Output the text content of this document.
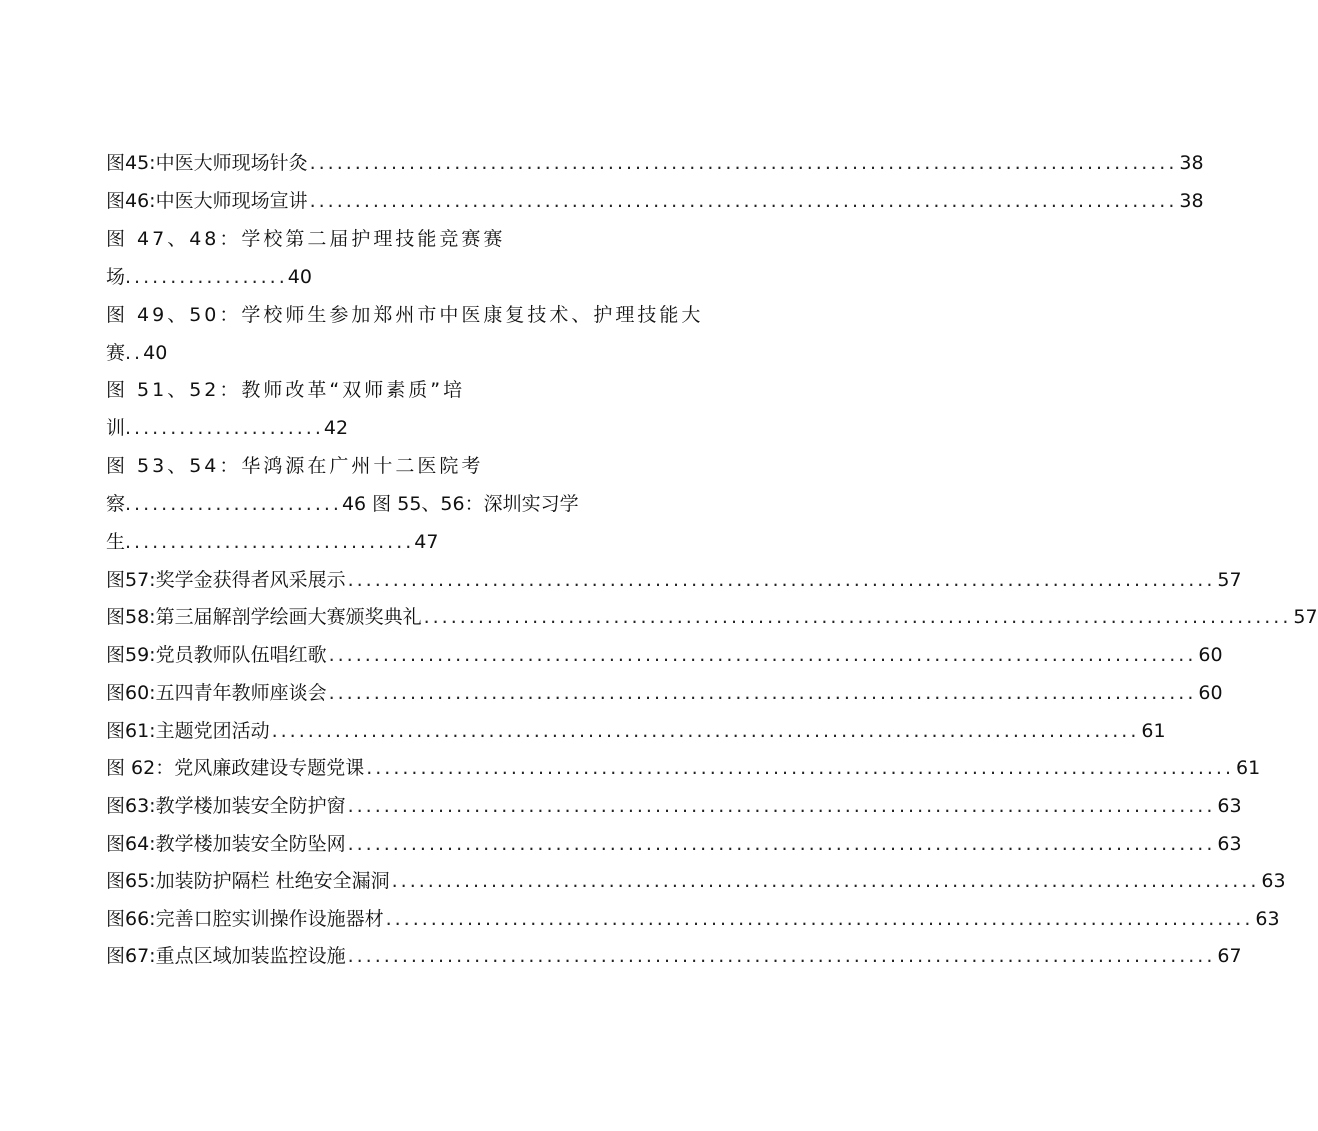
图45:中医大师现场针灸 ................................................................................................ 38
图46:中医大师现场宣讲 ................................................................................................ 38
图 47、48：学校第二届护理技能竞赛赛
场..................40
图 49、50：学校师生参加郑州市中医康复技术、护理技能大
赛..40
图 51、52：教师改革“双师素质”培
训......................42
图 53、54：华鸿源在广州十二医院考
察........................46 图 55、56：深圳实习学
生................................47
图57:奖学金获得者风采展示 ................................................................................................ 57
图58:第三届解剖学绘画大赛颁奖典礼 ................................................................................................ 57
图59:党员教师队伍唱红歌 ................................................................................................ 60
图60:五四青年教师座谈会 ................................................................................................ 60
图61:主题党团活动 ................................................................................................ 61
图 62：党风廉政建设专题党课 ................................................................................................ 61
图63:教学楼加装安全防护窗 ................................................................................................ 63
图64:教学楼加装安全防坠网 ................................................................................................ 63
图65:加装防护隔栏 杜绝安全漏洞 ................................................................................................ 63
图66:完善口腔实训操作设施器材 ................................................................................................ 63
图67:重点区域加装监控设施 ................................................................................................ 67
